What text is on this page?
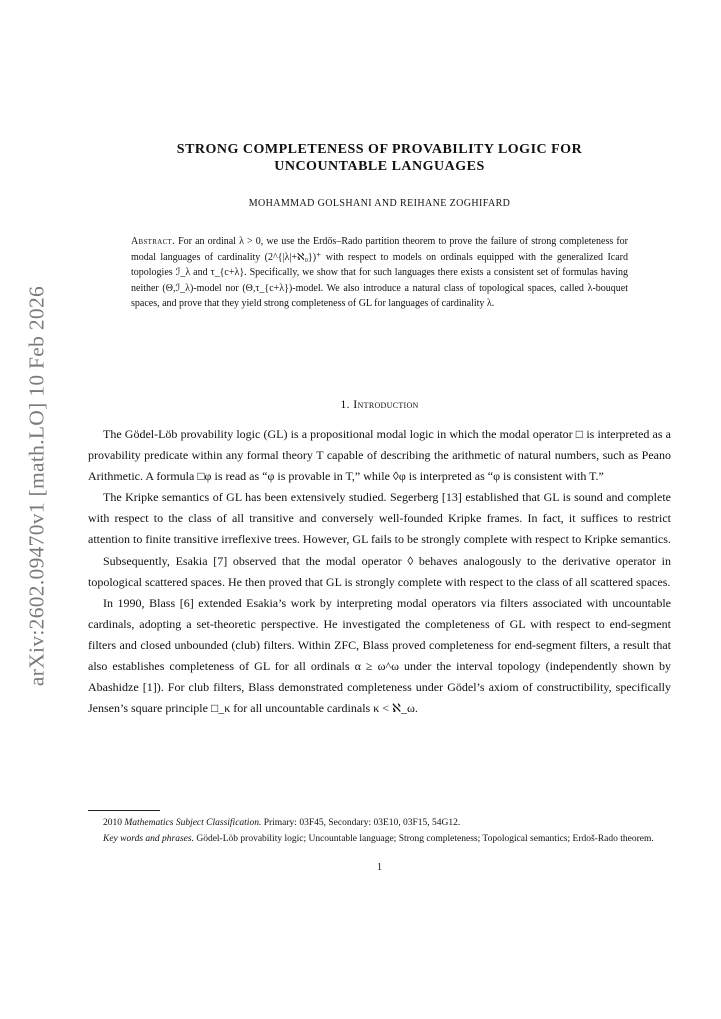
arXiv:2602.09470v1 [math.LO] 10 Feb 2026
STRONG COMPLETENESS OF PROVABILITY LOGIC FOR
UNCOUNTABLE LANGUAGES
MOHAMMAD GOLSHANI AND REIHANE ZOGHIFARD
Abstract. For an ordinal λ > 0, we use the Erdős–Rado partition theorem to prove the failure of strong completeness for modal languages of cardinality (2^{|λ|+ℵ₀})⁺ with respect to models on ordinals equipped with the generalized Icard topologies ℐ_λ and τ_{c+λ}. Specifically, we show that for such languages there exists a consistent set of formulas having neither (Θ,ℐ_λ)-model nor (Θ,τ_{c+λ})-model. We also introduce a natural class of topological spaces, called λ-bouquet spaces, and prove that they yield strong completeness of GL for languages of cardinality λ.
1. Introduction

The Gödel-Löb provability logic (GL) is a propositional modal logic in which the modal operator □ is interpreted as a provability predicate within any formal theory T capable of describing the arithmetic of natural numbers, such as Peano Arithmetic. A formula □φ is read as “φ is provable in T,” while ◊φ is interpreted as “φ is consistent with T.”

The Kripke semantics of GL has been extensively studied. Segerberg [13] established that GL is sound and complete with respect to the class of all transitive and conversely well-founded Kripke frames. In fact, it suffices to restrict attention to finite transitive irreflexive trees. However, GL fails to be strongly complete with respect to Kripke semantics.

Subsequently, Esakia [7] observed that the modal operator ◊ behaves analogously to the derivative operator in topological scattered spaces. He then proved that GL is strongly complete with respect to the class of all scattered spaces.

In 1990, Blass [6] extended Esakia’s work by interpreting modal operators via filters associated with uncountable cardinals, adopting a set-theoretic perspective. He investigated the completeness of GL with respect to end-segment filters and closed unbounded (club) filters. Within ZFC, Blass proved completeness for end-segment filters, a result that also establishes completeness of GL for all ordinals α ≥ ω^ω under the interval topology (independently shown by Abashidze [1]). For club filters, Blass demonstrated completeness under Gödel’s axiom of constructibility, specifically Jensen’s square principle □_κ for all uncountable cardinals κ < ℵ_ω.

2010 Mathematics Subject Classification. Primary: 03F45, Secondary: 03E10, 03F15, 54G12.

Key words and phrases. Gödel-Löb provability logic; Uncountable language; Strong completeness; Topological semantics; Erdoš-Rado theorem.

1
